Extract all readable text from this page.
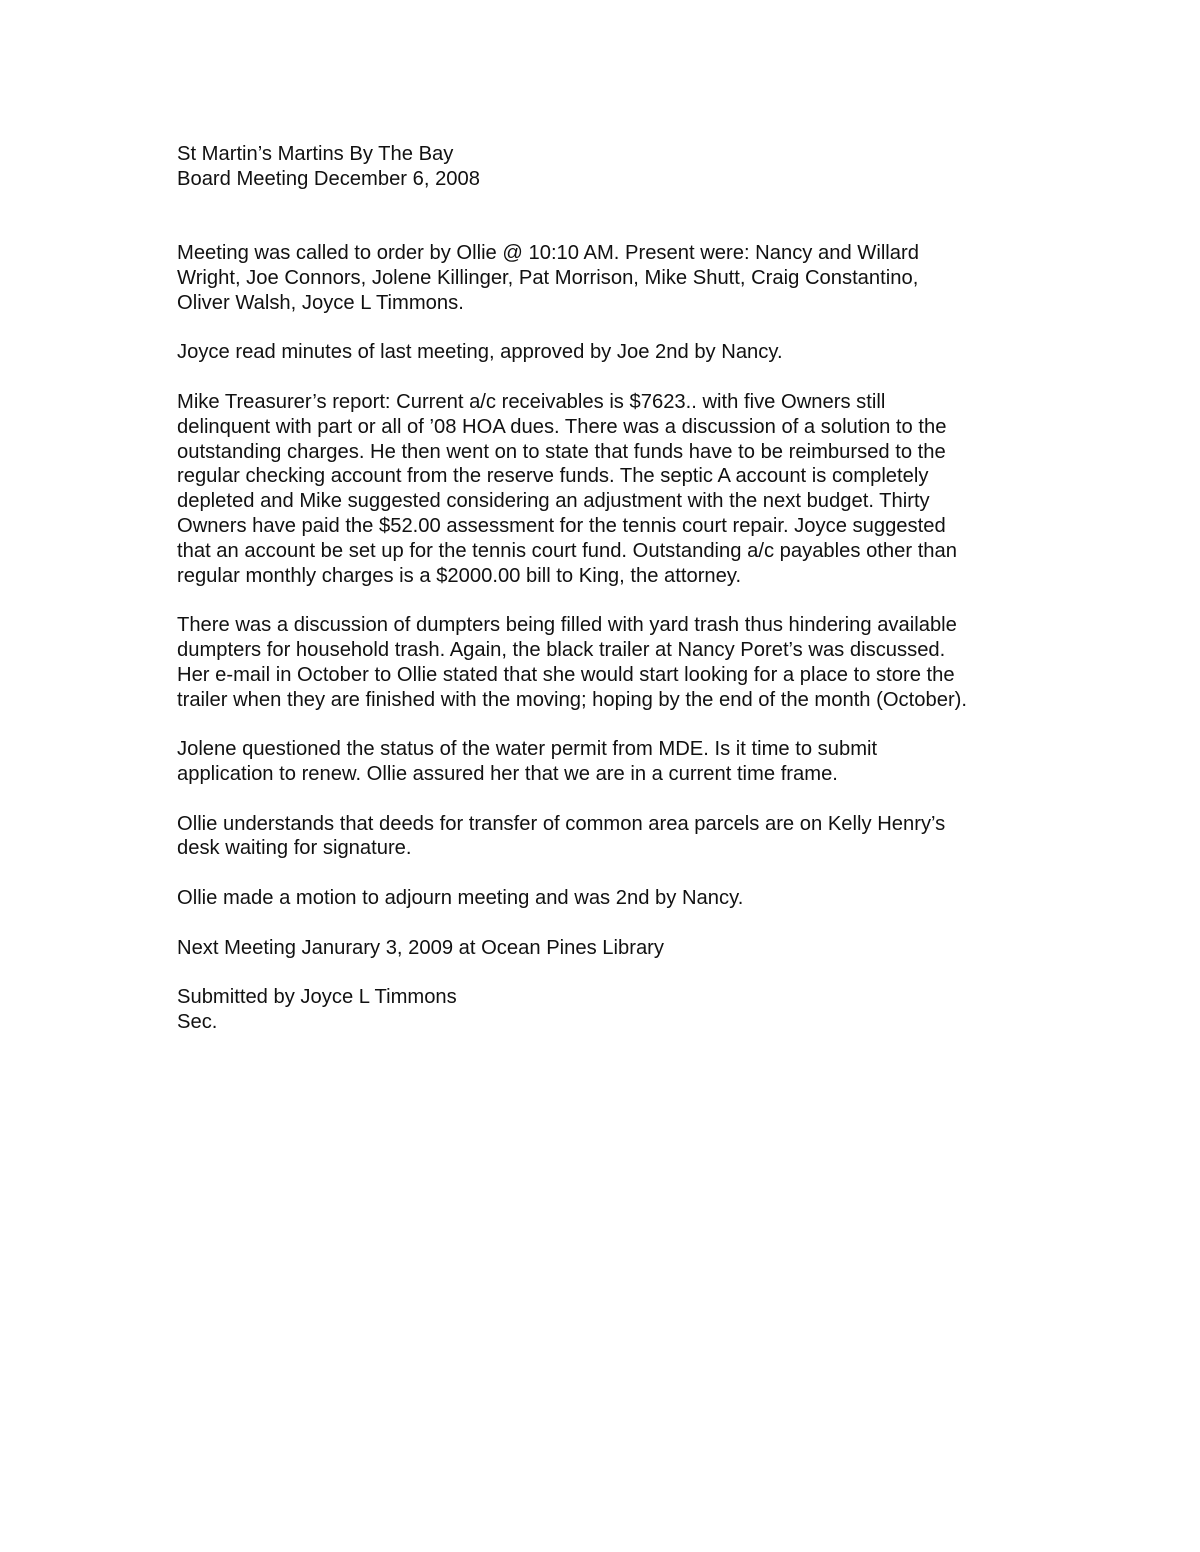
St Martin’s Martins By The Bay
Board Meeting December 6, 2008
Meeting was called to order by Ollie @ 10:10 AM. Present were: Nancy and Willard
Wright, Joe Connors, Jolene Killinger, Pat Morrison, Mike Shutt, Craig Constantino,
Oliver Walsh, Joyce L Timmons.
Joyce read minutes of last meeting, approved by Joe 2nd by Nancy.
Mike Treasurer’s report: Current a/c receivables is $7623.. with five Owners still
delinquent with part or all of ’08 HOA dues. There was a discussion of a solution to the
outstanding charges. He then went on to state that funds have to be reimbursed to the
regular checking account from the reserve funds. The septic A account is completely
depleted and Mike suggested considering an adjustment with the next budget. Thirty
Owners have paid the $52.00 assessment for the tennis court repair. Joyce suggested
that an account be set up for the tennis court fund. Outstanding a/c payables other than
regular monthly charges is a $2000.00 bill to King, the attorney.
There was a discussion of dumpters being filled with yard trash thus hindering available
dumpters for household trash. Again, the black trailer at Nancy Poret’s was discussed.
Her e-mail in October to Ollie stated that she would start looking for a place to store the
trailer when they are finished with the moving; hoping by the end of the month (October).
Jolene questioned the status of the water permit from MDE. Is it time to submit
application to renew. Ollie assured her that we are in a current time frame.
Ollie understands that deeds for transfer of common area parcels are on Kelly Henry’s
desk waiting for signature.
Ollie made a motion to adjourn meeting and was 2nd by Nancy.
Next Meeting Janurary 3, 2009 at Ocean Pines Library
Submitted by Joyce L Timmons
Sec.
